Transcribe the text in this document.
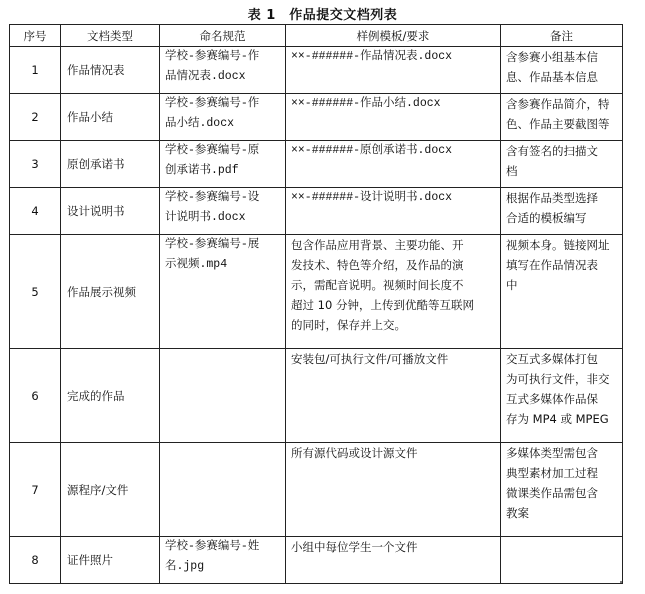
表 1　作品提交文档列表
序号	文档类型	命名规范	样例模板/要求	备注
1	作品情况表	学校-参赛编号-作
品情况表.docx	××-######-作品情况表.docx	含参赛小组基本信
息、作品基本信息

2	作品小结	学校-参赛编号-作
品小结.docx	××-######-作品小结.docx	含参赛作品简介，特
色、作品主要截图等

3	原创承诺书	学校-参赛编号-原
创承诺书.pdf	××-######-原创承诺书.docx	含有签名的扫描文
档

4	设计说明书	学校-参赛编号-设
计说明书.docx	××-######-设计说明书.docx	根据作品类型选择
合适的模板编写

5	作品展示视频	学校-参赛编号-展
示视频.mp4	包含作品应用背景、主要功能、开
发技术、特色等介绍，及作品的演
示，需配音说明。视频时间长度不
超过 10 分钟，上传到优酷等互联网
的同时，保存并上交。	视频本身。链接网址
填写在作品情况表
中

6	完成的作品		安装包/可执行文件/可播放文件	交互式多媒体打包
为可执行文件，非交
互式多媒体作品保
存为 MP4 或 MPEG

7	源程序/文件		所有源代码或设计源文件	多媒体类型需包含
典型素材加工过程
微课类作品需包含
教案

8	证件照片	学校-参赛编号-姓
名.jpg	小组中每位学生一个文件	
